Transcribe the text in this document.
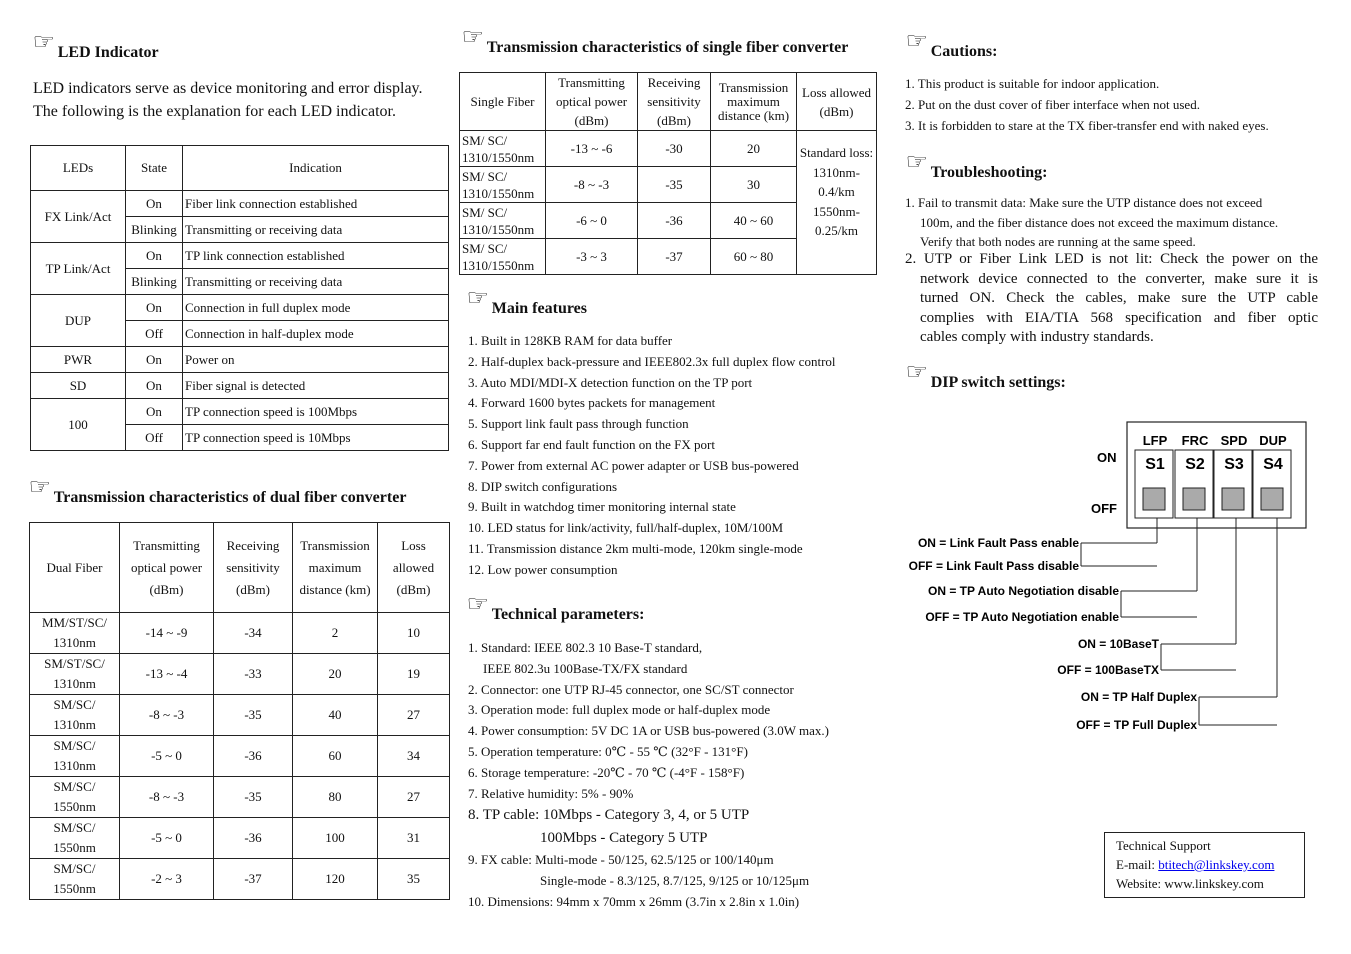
☞ LED Indicator
LED indicators serve as device monitoring and error display.
The following is the explanation for each LED indicator.
LEDs	State	Indication
FX Link/Act	On	Fiber link connection established
	Blinking	Transmitting or receiving data
TP Link/Act	On	TP link connection established
	Blinking	Transmitting or receiving data
DUP	On	Connection in full duplex mode
	Off	Connection in half-duplex mode
PWR	On	Power on
SD	On	Fiber signal is detected
100	On	TP connection speed is 100Mbps
	Off	TP connection speed is 10Mbps
☞ Transmission characteristics of dual fiber converter
Dual Fiber	Transmitting optical power (dBm)	Receiving sensitivity (dBm)	Transmission maximum distance (km)	Loss allowed (dBm)
MM/ST/SC/ 1310nm	-14 ~ -9	-34	2	10
SM/ST/SC/ 1310nm	-13 ~ -4	-33	20	19
SM/SC/ 1310nm	-8 ~ -3	-35	40	27
SM/SC/ 1310nm	-5 ~ 0	-36	60	34
SM/SC/ 1550nm	-8 ~ -3	-35	80	27
SM/SC/ 1550nm	-5 ~ 0	-36	100	31
SM/SC/ 1550nm	-2 ~ 3	-37	120	35
☞ Transmission characteristics of single fiber converter
Single Fiber	Transmitting optical power (dBm)	Receiving sensitivity (dBm)	Transmission maximum distance (km)	Loss allowed (dBm)
SM/ SC/ 1310/1550nm	-13 ~ -6	-30	20	Standard loss: 1310nm- 0.4/km 1550nm- 0.25/km
SM/ SC/ 1310/1550nm	-8 ~ -3	-35	30	
SM/ SC/ 1310/1550nm	-6 ~ 0	-36	40 ~ 60	
SM/ SC/ 1310/1550nm	-3 ~ 3	-37	60 ~ 80	
☞ Main features
1. Built in 128KB RAM for data buffer
2. Half-duplex back-pressure and IEEE802.3x full duplex flow control
3. Auto MDI/MDI-X detection function on the TP port
4. Forward 1600 bytes packets for management
5. Support link fault pass through function
6. Support far end fault function on the FX port
7. Power from external AC power adapter or USB bus-powered
8. DIP switch configurations
9. Built in watchdog timer monitoring internal state
10. LED status for link/activity, full/half-duplex, 10M/100M
11. Transmission distance 2km multi-mode, 120km single-mode
12. Low power consumption
☞ Technical parameters:
1. Standard: IEEE 802.3 10 Base-T standard,
IEEE 802.3u 100Base-TX/FX standard
2. Connector: one UTP RJ-45 connector, one SC/ST connector
3. Operation mode: full duplex mode or half-duplex mode
4. Power consumption: 5V DC 1A or USB bus-powered (3.0W max.)
5. Operation temperature: 0℃ - 55 ℃ (32°F - 131°F)
6. Storage temperature: -20℃ - 70 ℃ (-4°F - 158°F)
7. Relative humidity: 5% - 90%
8. TP cable: 10Mbps - Category 3, 4, or 5 UTP
100Mbps - Category 5 UTP
9. FX cable: Multi-mode - 50/125, 62.5/125 or 100/140μm
Single-mode - 8.3/125, 8.7/125, 9/125 or 10/125μm
10. Dimensions: 94mm x 70mm x 26mm (3.7in x 2.8in x 1.0in)
☞ Cautions:
1. This product is suitable for indoor application.
2. Put on the dust cover of fiber interface when not used.
3. It is forbidden to stare at the TX fiber-transfer end with naked eyes.
☞ Troubleshooting:
1. Fail to transmit data: Make sure the UTP distance does not exceed
100m, and the fiber distance does not exceed the maximum distance.
Verify that both nodes are running at the same speed.
2. UTP or Fiber Link LED is not lit: Check the power on the
network device connected to the converter, make sure it is
turned ON. Check the cables, make sure the UTP cable
complies with EIA/TIA 568 specification and fiber optic
cables comply with industry standards.
☞ DIP switch settings:
ON
OFF
LFP
S1
FRC
S2
SPD
S3
DUP
S4
ON = Link Fault Pass enable
OFF = Link Fault Pass disable
ON = TP Auto Negotiation disable
OFF = TP Auto Negotiation enable
ON = 10BaseT
OFF = 100BaseTX
ON = TP Half Duplex
OFF = TP Full Duplex
Technical Support
E-mail: btitech@linkskey.com
Website: www.linkskey.com
